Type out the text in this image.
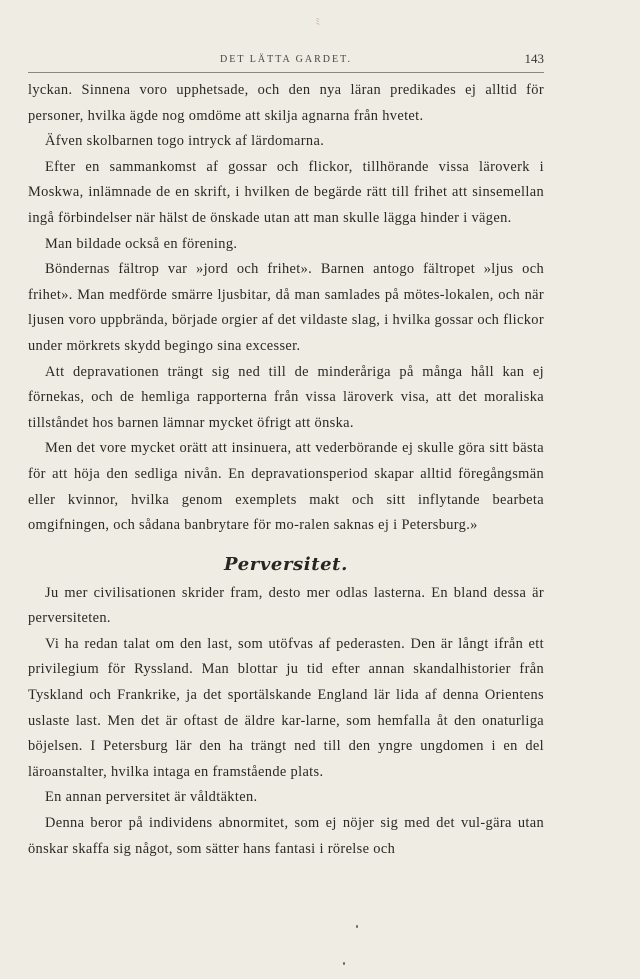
ﾐ
DET LÄTTA GARDET.	143

lyckan. Sinnena voro upphetsade, och den nya läran predikades ej alltid för personer, hvilka ägde nog omdöme att skilja agnarna från hvetet.

Äfven skolbarnen togo intryck af lärdomarna.

Efter en sammankomst af gossar och flickor, tillhörande vissa läroverk i Moskwa, inlämnade de en skrift, i hvilken de begärde rätt till frihet att sinsemellan ingå förbindelser när hälst de önskade utan att man skulle lägga hinder i vägen.

Man bildade också en förening.

Böndernas fältrop var »jord och frihet». Barnen antogo fältropet »ljus och frihet». Man medförde smärre ljusbitar, då man samlades på mötes-lokalen, och när ljusen voro uppbrända, började orgier af det vildaste slag, i hvilka gossar och flickor under mörkrets skydd begingo sina excesser.

Att depravationen trängt sig ned till de minderåriga på många håll kan ej förnekas, och de hemliga rapporterna från vissa läroverk visa, att det moraliska tillståndet hos barnen lämnar mycket öfrigt att önska.

Men det vore mycket orätt att insinuera, att vederbörande ej skulle göra sitt bästa för att höja den sedliga nivån. En depravationsperiod skapar alltid föregångsmän eller kvinnor, hvilka genom exemplets makt och sitt inflytande bearbeta omgifningen, och sådana banbrytare för mo-ralen saknas ej i Petersburg.»

Perversitet.

Ju mer civilisationen skrider fram, desto mer odlas lasterna. En bland dessa är perversiteten.

Vi ha redan talat om den last, som utöfvas af pederasten. Den är långt ifrån ett privilegium för Ryssland. Man blottar ju tid efter annan skandalhistorier från Tyskland och Frankrike, ja det sportälskande England lär lida af denna Orientens uslaste last. Men det är oftast de äldre kar-larne, som hemfalla åt den onaturliga böjelsen. I Petersburg lär den ha trängt ned till den yngre ungdomen i en del läroanstalter, hvilka intaga en framstående plats.

En annan perversitet är våldtäkten.

Denna beror på individens abnormitet, som ej nöjer sig med det vul-gära utan önskar skaffa sig något, som sätter hans fantasi i rörelse och
